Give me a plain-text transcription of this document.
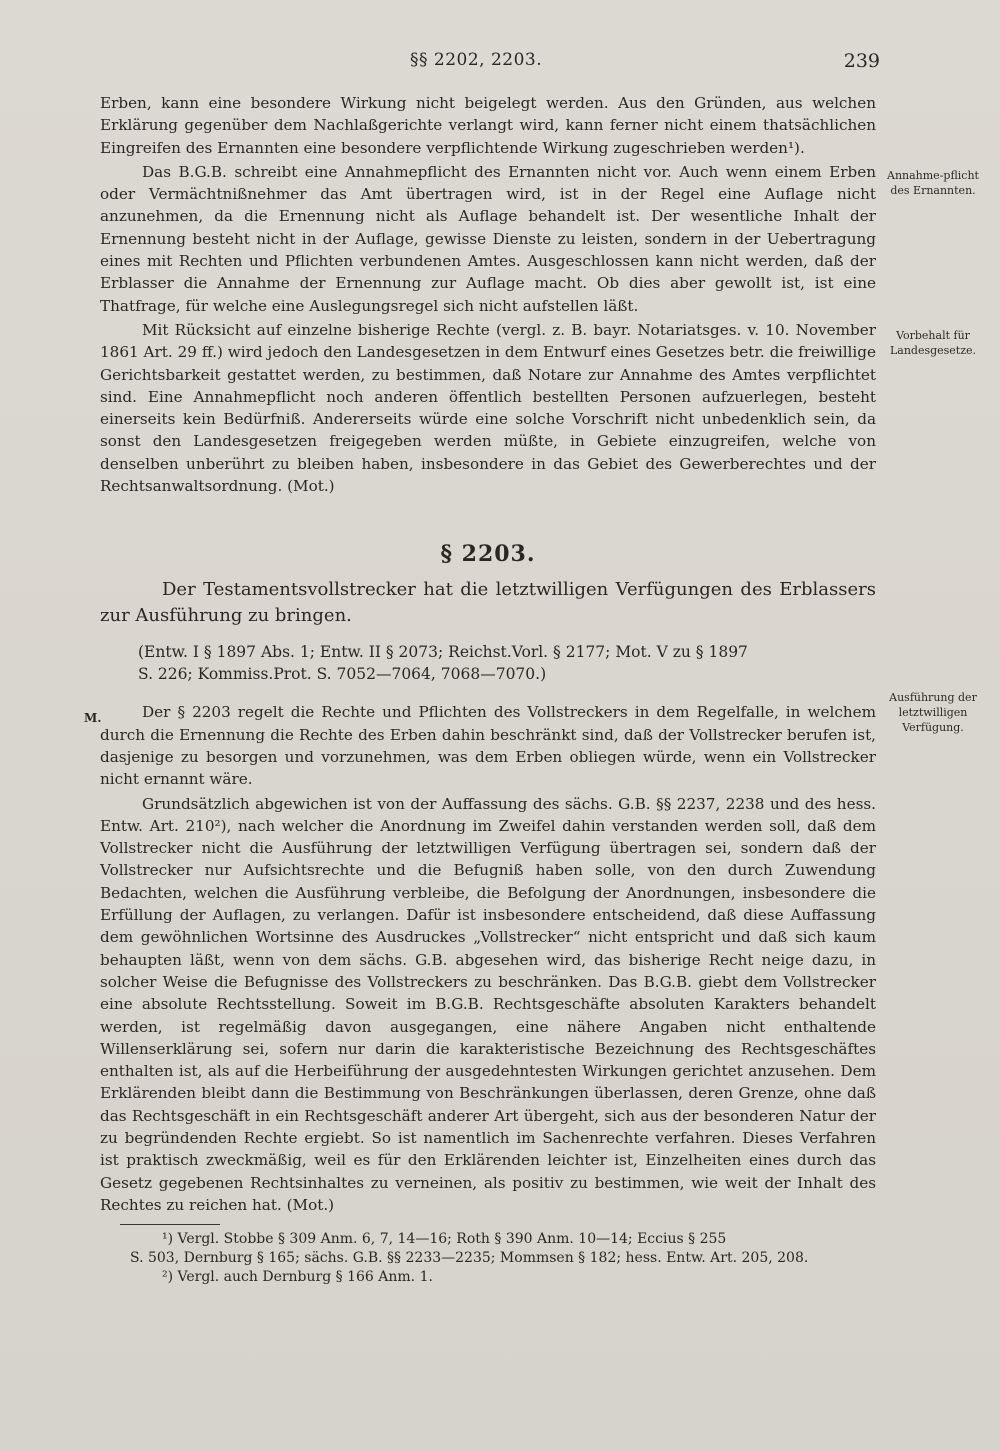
§§ 2202, 2203.	239
Annahme-pflicht des Ernannten.
Vorbehalt für Landesgesetze.
Ausführung der letztwilligen Verfügung.
M.

Erben, kann eine besondere Wirkung nicht beigelegt werden. Aus den Gründen, aus welchen Erklärung gegenüber dem Nachlaßgerichte verlangt wird, kann ferner nicht einem thatsächlichen Eingreifen des Ernannten eine besondere verpflichtende Wirkung zugeschrieben werden¹).

Das B.G.B. schreibt eine Annahmepflicht des Ernannten nicht vor. Auch wenn einem Erben oder Vermächtnißnehmer das Amt übertragen wird, ist in der Regel eine Auflage nicht anzunehmen, da die Ernennung nicht als Auflage behandelt ist. Der wesentliche Inhalt der Ernennung besteht nicht in der Auflage, gewisse Dienste zu leisten, sondern in der Uebertragung eines mit Rechten und Pflichten verbundenen Amtes. Ausgeschlossen kann nicht werden, daß der Erblasser die Annahme der Ernennung zur Auflage macht. Ob dies aber gewollt ist, ist eine Thatfrage, für welche eine Auslegungsregel sich nicht aufstellen läßt.

Mit Rücksicht auf einzelne bisherige Rechte (vergl. z. B. bayr. Notariatsges. v. 10. November 1861 Art. 29 ff.) wird jedoch den Landesgesetzen in dem Entwurf eines Gesetzes betr. die freiwillige Gerichtsbarkeit gestattet werden, zu bestimmen, daß Notare zur Annahme des Amtes verpflichtet sind. Eine Annahmepflicht noch anderen öffentlich bestellten Personen aufzuerlegen, besteht einerseits kein Bedürfniß. Andererseits würde eine solche Vorschrift nicht unbedenklich sein, da sonst den Landesgesetzen freigegeben werden müßte, in Gebiete einzugreifen, welche von denselben unberührt zu bleiben haben, insbesondere in das Gebiet des Gewerberechtes und der Rechtsanwaltsordnung. (Mot.)

§ 2203.

Der Testamentsvollstrecker hat die letztwilligen Verfügungen des Erblassers zur Ausführung zu bringen.

(Entw. I § 1897 Abs. 1; Entw. II § 2073; Reichst.Vorl. § 2177; Mot. V zu § 1897
S. 226; Kommiss.Prot. S. 7052—7064, 7068—7070.)

Der § 2203 regelt die Rechte und Pflichten des Vollstreckers in dem Regelfalle, in welchem durch die Ernennung die Rechte des Erben dahin beschränkt sind, daß der Vollstrecker berufen ist, dasjenige zu besorgen und vorzunehmen, was dem Erben obliegen würde, wenn ein Vollstrecker nicht ernannt wäre.

Grundsätzlich abgewichen ist von der Auffassung des sächs. G.B. §§ 2237, 2238 und des hess. Entw. Art. 210²), nach welcher die Anordnung im Zweifel dahin verstanden werden soll, daß dem Vollstrecker nicht die Ausführung der letztwilligen Verfügung übertragen sei, sondern daß der Vollstrecker nur Aufsichtsrechte und die Befugniß haben solle, von den durch Zuwendung Bedachten, welchen die Ausführung verbleibe, die Befolgung der Anordnungen, insbesondere die Erfüllung der Auflagen, zu verlangen. Dafür ist insbesondere entscheidend, daß diese Auffassung dem gewöhnlichen Wortsinne des Ausdruckes „Vollstrecker“ nicht entspricht und daß sich kaum behaupten läßt, wenn von dem sächs. G.B. abgesehen wird, das bisherige Recht neige dazu, in solcher Weise die Befugnisse des Vollstreckers zu beschränken. Das B.G.B. giebt dem Vollstrecker eine absolute Rechtsstellung. Soweit im B.G.B. Rechtsgeschäfte absoluten Karakters behandelt werden, ist regelmäßig davon ausgegangen, eine nähere Angaben nicht enthaltende Willenserklärung sei, sofern nur darin die karakteristische Bezeichnung des Rechtsgeschäftes enthalten ist, als auf die Herbeiführung der ausgedehntesten Wirkungen gerichtet anzusehen. Dem Erklärenden bleibt dann die Bestimmung von Beschränkungen überlassen, deren Grenze, ohne daß das Rechtsgeschäft in ein Rechtsgeschäft anderer Art übergeht, sich aus der besonderen Natur der zu begründenden Rechte ergiebt. So ist namentlich im Sachenrechte verfahren. Dieses Verfahren ist praktisch zweckmäßig, weil es für den Erklärenden leichter ist, Einzelheiten eines durch das Gesetz gegebenen Rechtsinhaltes zu verneinen, als positiv zu bestimmen, wie weit der Inhalt des Rechtes zu reichen hat. (Mot.)

¹) Vergl. Stobbe § 309 Anm. 6, 7, 14—16; Roth § 390 Anm. 10—14; Eccius § 255

S. 503, Dernburg § 165; sächs. G.B. §§ 2233—2235; Mommsen § 182; hess. Entw. Art. 205, 208.

²) Vergl. auch Dernburg § 166 Anm. 1.
